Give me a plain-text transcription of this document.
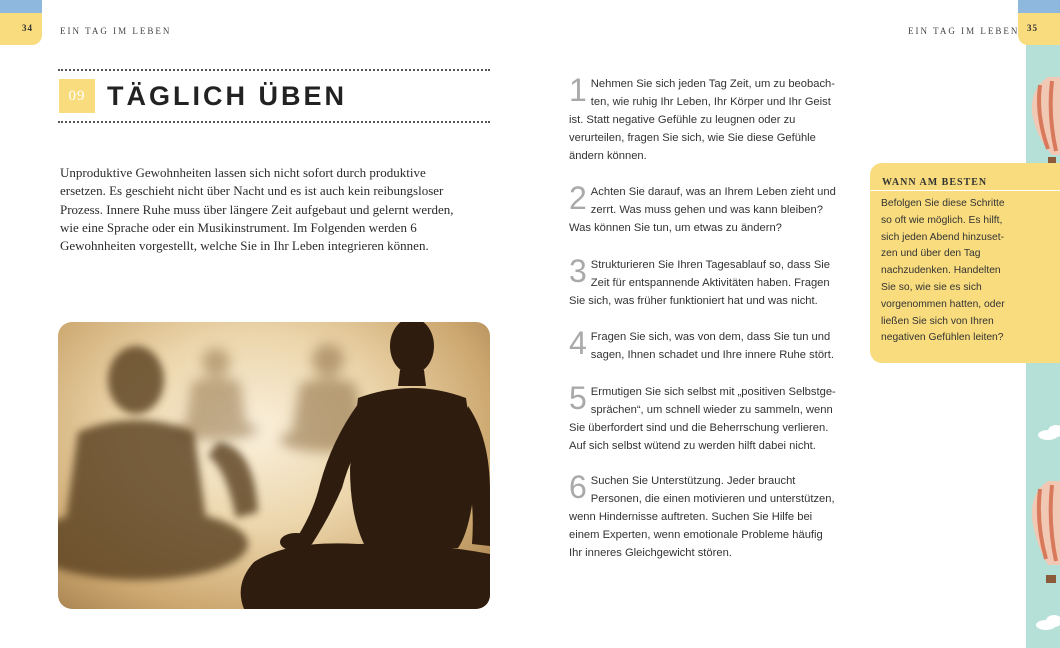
34	EIN TAG IM LEBEN
09 TÄGLICH ÜBEN
Unproduktive Gewohnheiten lassen sich nicht sofort durch produktive
ersetzen. Es geschieht nicht über Nacht und es ist auch kein reibungsloser
Prozess. Innere Ruhe muss über längere Zeit aufgebaut und gelernt werden,
wie eine Sprache oder ein Musikinstrument. Im Folgenden werden 6
Gewohnheiten vorgestellt, welche Sie in Ihr Leben integrieren können.
35
EIN TAG IM LEBEN
1 Nehmen Sie sich jeden Tag Zeit, um zu beobach-
ten, wie ruhig Ihr Leben, Ihr Körper und Ihr Geist
ist. Statt negative Gefühle zu leugnen oder zu
verurteilen, fragen Sie sich, wie Sie diese Gefühle
ändern können.
2 Achten Sie darauf, was an Ihrem Leben zieht und
zerrt. Was muss gehen und was kann bleiben?
Was können Sie tun, um etwas zu ändern?
3 Strukturieren Sie Ihren Tagesablauf so, dass Sie
Zeit für entspannende Aktivitäten haben. Fragen
Sie sich, was früher funktioniert hat und was nicht.
4 Fragen Sie sich, was von dem, dass Sie tun und
sagen, Ihnen schadet und Ihre innere Ruhe stört.
5 Ermutigen Sie sich selbst mit „positiven Selbstge-
sprächen“, um schnell wieder zu sammeln, wenn
Sie überfordert sind und die Beherrschung verlieren.
Auf sich selbst wütend zu werden hilft dabei nicht.
6 Suchen Sie Unterstützung. Jeder braucht
Personen, die einen motivieren und unterstützen,
wenn Hindernisse auftreten. Suchen Sie Hilfe bei
einem Experten, wenn emotionale Probleme häufig
Ihr inneres Gleichgewicht stören.
WANN AM BESTEN
Befolgen Sie diese Schritte
so oft wie möglich. Es hilft,
sich jeden Abend hinzuset-
zen und über den Tag
nachzudenken. Handelten
Sie so, wie sie es sich
vorgenommen hatten, oder
ließen Sie sich von Ihren
negativen Gefühlen leiten?
